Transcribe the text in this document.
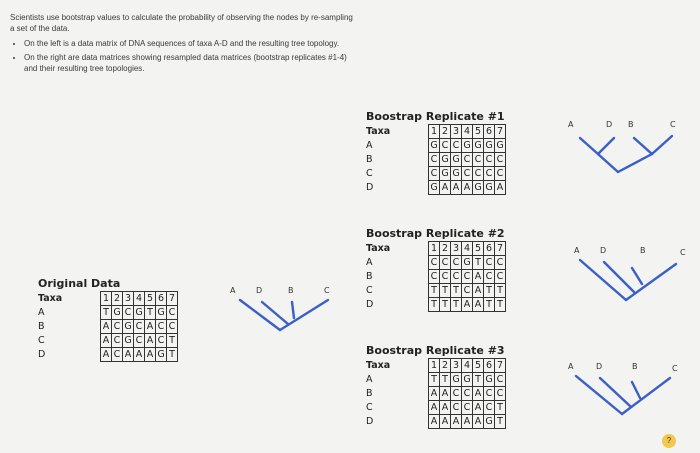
Scientists use bootstrap values to calculate the probability of observing the nodes by re-sampling a set of the data.

• On the left is a data matrix of DNA sequences of taxa A-D and the resulting tree topology.
• On the right are data matrices showing resampled data matrices (bootstrap replicates #1-4) and their resulting tree topologies.
Original Data
Taxa	1	2	3	4	5	6	7
A	T	G	C	G	T	G	C
B	A	C	G	C	A	C	C
C	A	C	G	C	A	C	T
D	A	C	A	A	A	G	T
Boostrap Replicate #1
Taxa	1	2	3	4	5	6	7
A	G	C	C	G	G	G	G
B	C	G	G	C	C	C	C
C	C	G	G	C	C	C	C
D	G	A	A	A	G	G	A
Boostrap Replicate #2
Taxa	1	2	3	4	5	6	7
A	C	C	C	G	T	C	C
B	C	C	C	C	A	C	C
C	T	T	T	C	A	T	T
D	T	T	T	A	A	T	T
Boostrap Replicate #3
Taxa	1	2	3	4	5	6	7
A	T	T	G	G	T	G	C
B	A	A	C	C	A	C	C
C	A	A	C	C	A	C	T
D	A	A	A	A	A	G	T
A	D	B	C
A	D B	C
A	D	B	C
A	D	B	C
?
